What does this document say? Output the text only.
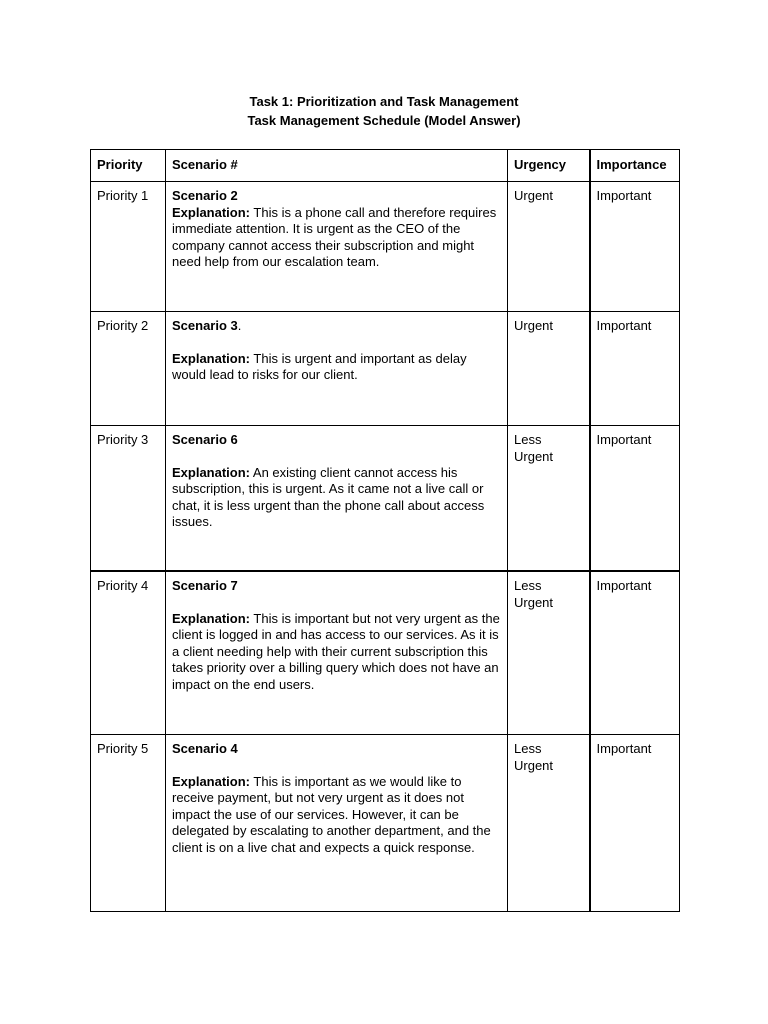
Task 1: Prioritization and Task Management
Task Management Schedule (Model Answer)
Priority	Scenario #	Urgency	Importance
Priority 1	Scenario 2
Explanation: This is a phone call and therefore requires immediate attention. It is urgent as the CEO of the company cannot access their subscription and might need help from our escalation team.	Urgent	Important
Priority 2	Scenario 3.
Explanation: This is urgent and important as delay would lead to risks for our client.	Urgent	Important
Priority 3	Scenario 6
Explanation: An existing client cannot access his subscription, this is urgent. As it came not a live call or chat, it is less urgent than the phone call about access issues.	Less Urgent	Important
Priority 4	Scenario 7
Explanation: This is important but not very urgent as the client is logged in and has access to our services. As it is a client needing help with their current subscription this takes priority over a billing query which does not have an impact on the end users.	Less Urgent	Important
Priority 5	Scenario 4
Explanation: This is important as we would like to receive payment, but not very urgent as it does not impact the use of our services. However, it can be delegated by escalating to another department, and the client is on a live chat and expects a quick response.	Less Urgent	Important
